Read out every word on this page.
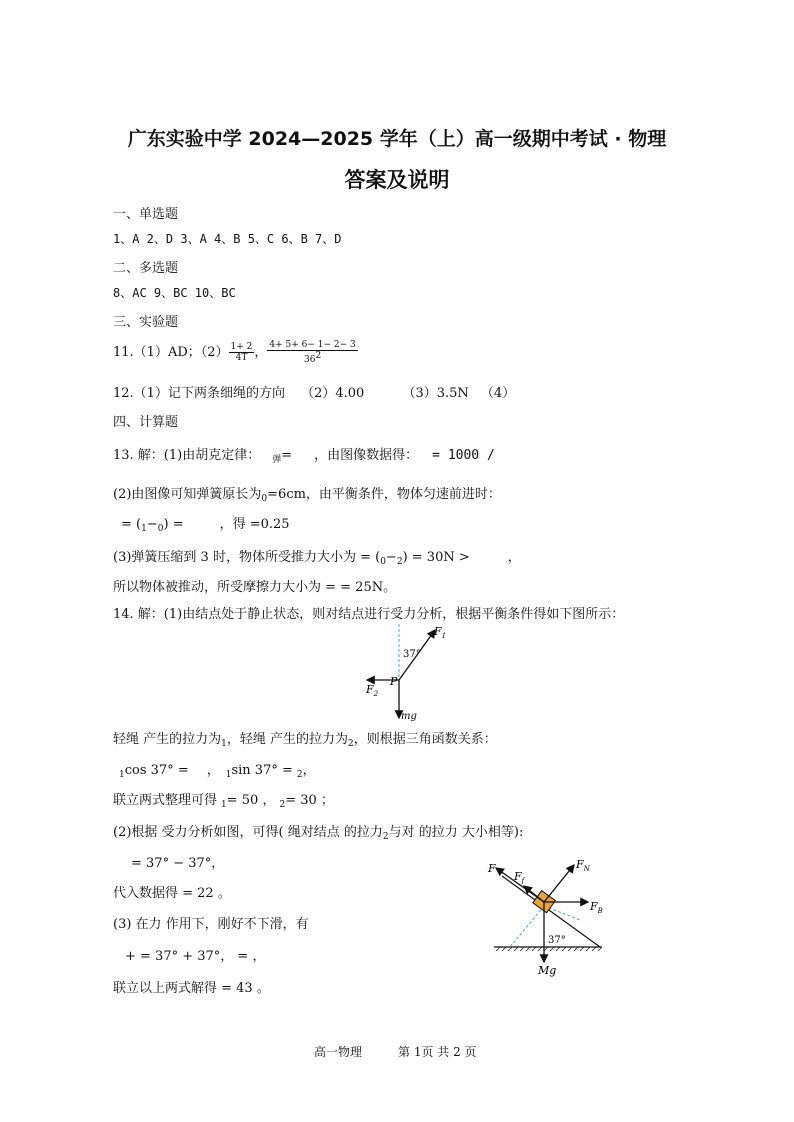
广东实验中学 2024—2025 学年（上）高一级期中考试 · 物理
答案及说明
一、单选题
1、A 2、D 3、A 4、B 5、C 6、B 7、D
二、多选题
8、AC 9、BC 10、BC
三、实验题
11.（1）AD；$(2) \frac{1+ 2}{4T}$ ， $\frac{4+ 5+ 6- 1- 2- 3}{36^2}$
12.（1）记下两条细绳的方向 （2）4.00	（3）3.5N （4）
四、计算题
13. 解：(1)由胡克定律： $_弹$= ，由图像数据得： = 1000 /
(2)由图像可知弹簧原长为$_0$=6cm，由平衡条件，物体匀速前进时：
= $(_1-_0)$ =	，得 =0.25
(3)弹簧压缩到 3 时，物体所受推力大小为 = $(_0-_2) = 30N$ >	，
所以物体被推动，所受摩擦力大小为 = = 25N。
14. 解：(1)由结点处于静止状态，则对结点进行受力分析，根据平衡条件得如下图所示：
37°
$F_1$
$F_2$
P
mg
轻绳 产生的拉力为$_1$，轻绳 产生的拉力为$_2$，则根据三角函数关系：
$_1$cos 37° = ， $_1$sin 37° = $_2$，
联立两式整理可得 $_1$= 50 ， $_2$= 30 ；
(2)根据 受力分析如图，可得( 绳对结点 的拉力$_2$与对 的拉力 大小相等):
= 37° − 37°，
代入数据得 = 22 。
(3) 在力 作用下，刚好不下滑，有
+ = 37° + 37°， = ，
联立以上两式解得 = 43 。
F
$F_f$
$F_N$
$F_B$
37°
Mg
高一物理	第 1页 共 2 页
